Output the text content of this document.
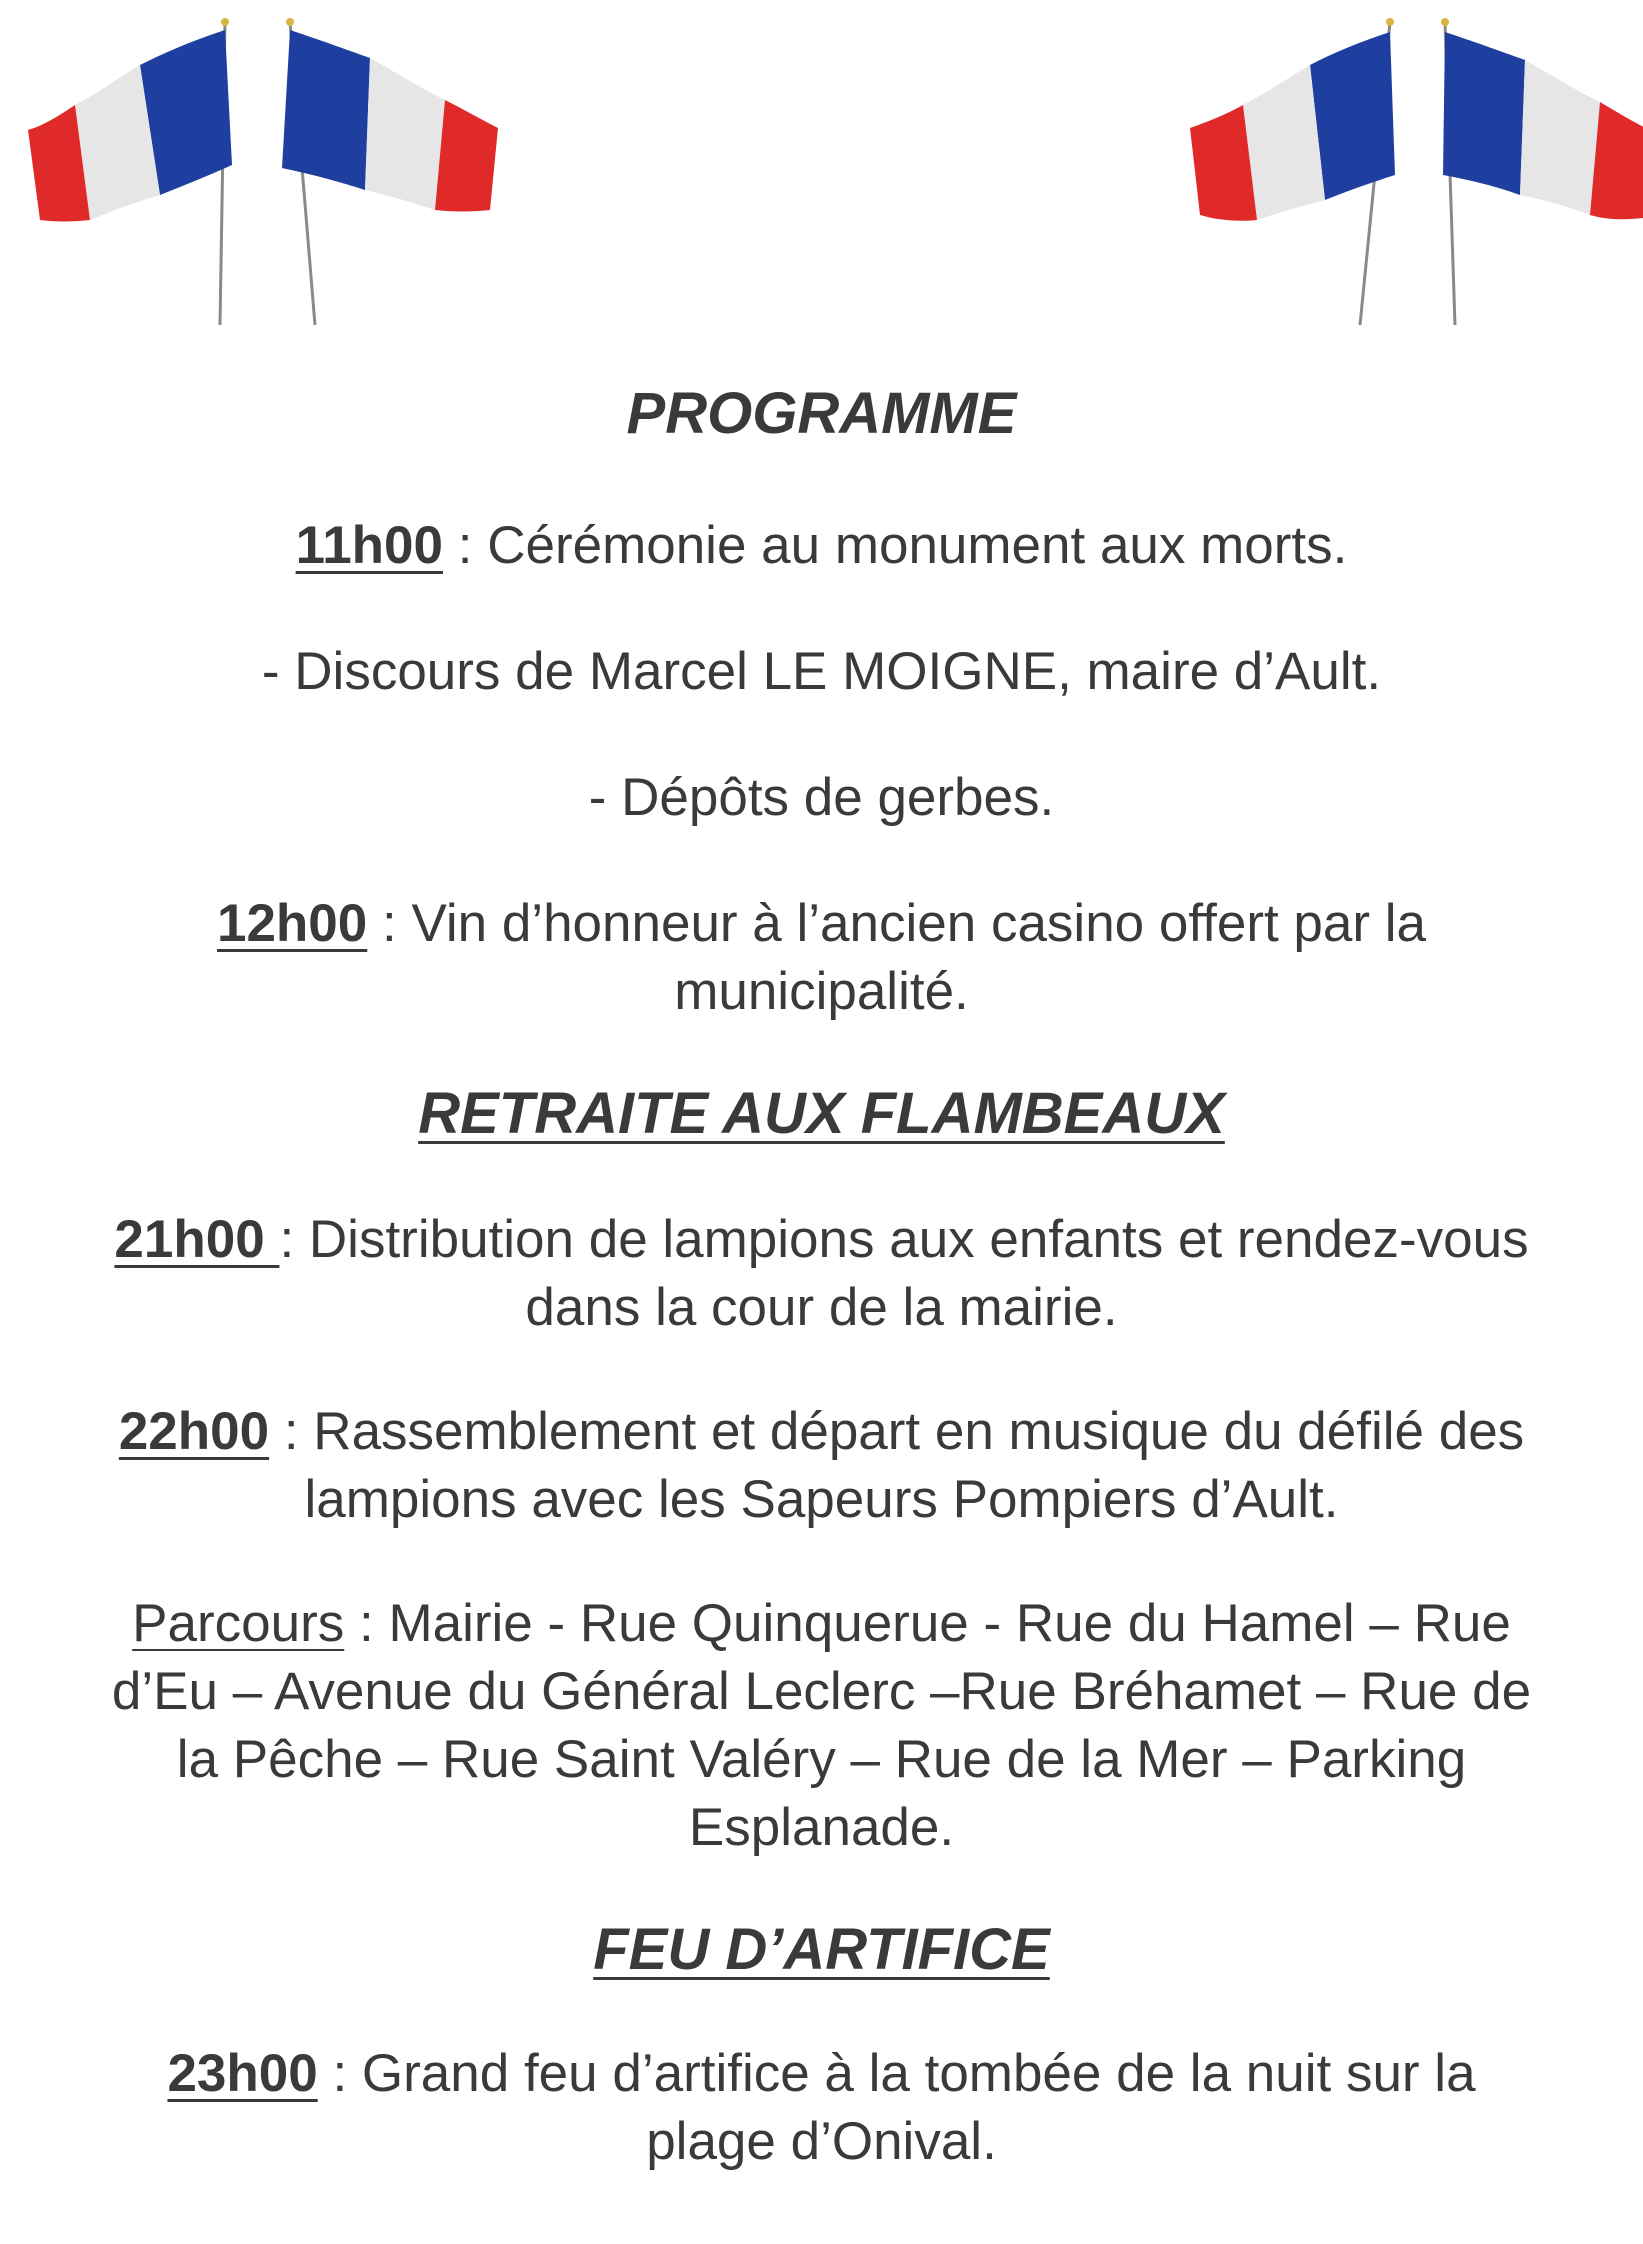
PROGRAMME

11h00 : Cérémonie au monument aux morts.

- Discours de Marcel LE MOIGNE, maire d’Ault.

- Dépôts de gerbes.

12h00 : Vin d’honneur à l’ancien casino offert par la
municipalité.

RETRAITE AUX FLAMBEAUX

21h00 : Distribution de lampions aux enfants et rendez-vous
dans la cour de la mairie.

22h00 : Rassemblement et départ en musique du défilé des
lampions avec les Sapeurs Pompiers d’Ault.

Parcours : Mairie - Rue Quinquerue - Rue du Hamel – Rue
d’Eu – Avenue du Général Leclerc –Rue Bréhamet – Rue de
la Pêche – Rue Saint Valéry – Rue de la Mer – Parking
Esplanade.

FEU D’ARTIFICE

23h00 : Grand feu d’artifice à la tombée de la nuit sur la
plage d’Onival.
